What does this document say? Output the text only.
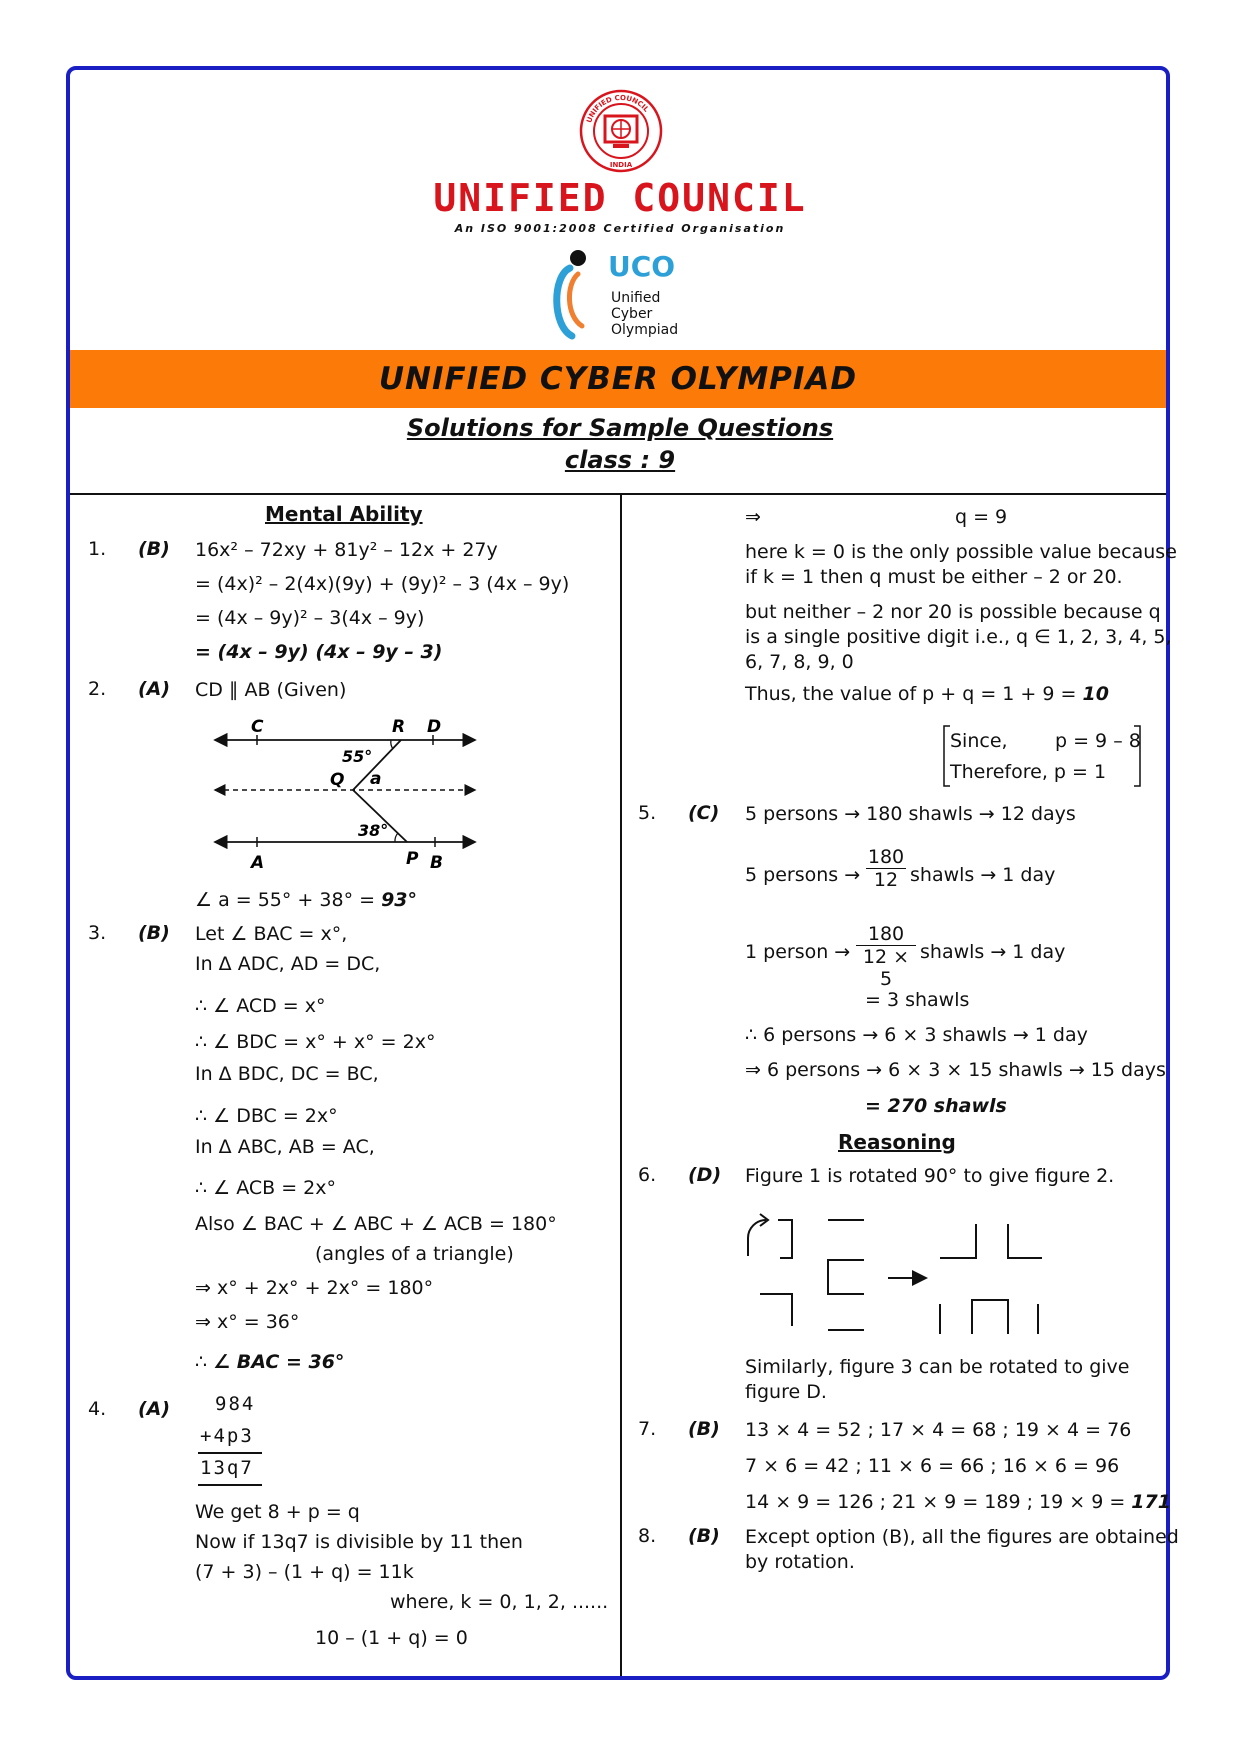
UNIFIED COUNCIL
INDIA
UNIFIED COUNCIL
An ISO 9001:2008 Certified Organisation
UCO
Unified
Cyber
Olympiad
UNIFIED CYBER OLYMPIAD
Solutions for Sample Questions
class : 9
Mental Ability
1. (B) 16x² – 72xy + 81y² – 12x + 27y
= (4x)² – 2(4x)(9y) + (9y)² – 3 (4x – 9y)
= (4x – 9y)² – 3(4x – 9y)
= (4x – 9y) (4x – 9y – 3)
2. (A) CD ∥ AB (Given)
C	R D
55°
Q a
38°
A	P B
∠ a = 55° + 38° = 93°
3. (B) Let ∠ BAC = x°,
In Δ ADC, AD = DC,
∴ ∠ ACD = x°
∴ ∠ BDC = x° + x° = 2x°
In Δ BDC, DC = BC,
∴ ∠ DBC = 2x°
In Δ ABC, AB = AC,
∴ ∠ ACB = 2x°
Also ∠ BAC + ∠ ABC + ∠ ACB = 180°
(angles of a triangle)
⇒ x° + 2x° + 2x° = 180°
⇒ x° = 36°
∴ ∠ BAC = 36°
4. (A) 984
+4p3
13q7
We get 8 + p = q
Now if 13q7 is divisible by 11 then
(7 + 3) – (1 + q) = 11k
where, k = 0, 1, 2, ......
10 – (1 + q) = 0
⇒	q = 9
here k = 0 is the only possible value because
if k = 1 then q must be either – 2 or 20.
but neither – 2 nor 20 is possible because q
is a single positive digit i.e., q ∈ 1, 2, 3, 4, 5,
6, 7, 8, 9, 0
Thus, the value of p + q = 1 + 9 = 10
Since, p = 9 – 8
Therefore, p = 1
5. (C) 5 persons → 180 shawls → 12 days
5 persons → $\frac{180}{12}$ shawls → 1 day
1 person → $\frac{180}{12 \times 5}$ shawls → 1 day
= 3 shawls
∴ 6 persons → 6 × 3 shawls → 1 day
⇒ 6 persons → 6 × 3 × 15 shawls → 15 days
= 270 shawls
Reasoning
6. (D) Figure 1 is rotated 90° to give figure 2.
Similarly, figure 3 can be rotated to give
figure D.
7. (B) 13 × 4 = 52 ; 17 × 4 = 68 ; 19 × 4 = 76
7 × 6 = 42 ; 11 × 6 = 66 ; 16 × 6 = 96
14 × 9 = 126 ; 21 × 9 = 189 ; 19 × 9 = 171
8. (B) Except option (B), all the figures are obtained
by rotation.
